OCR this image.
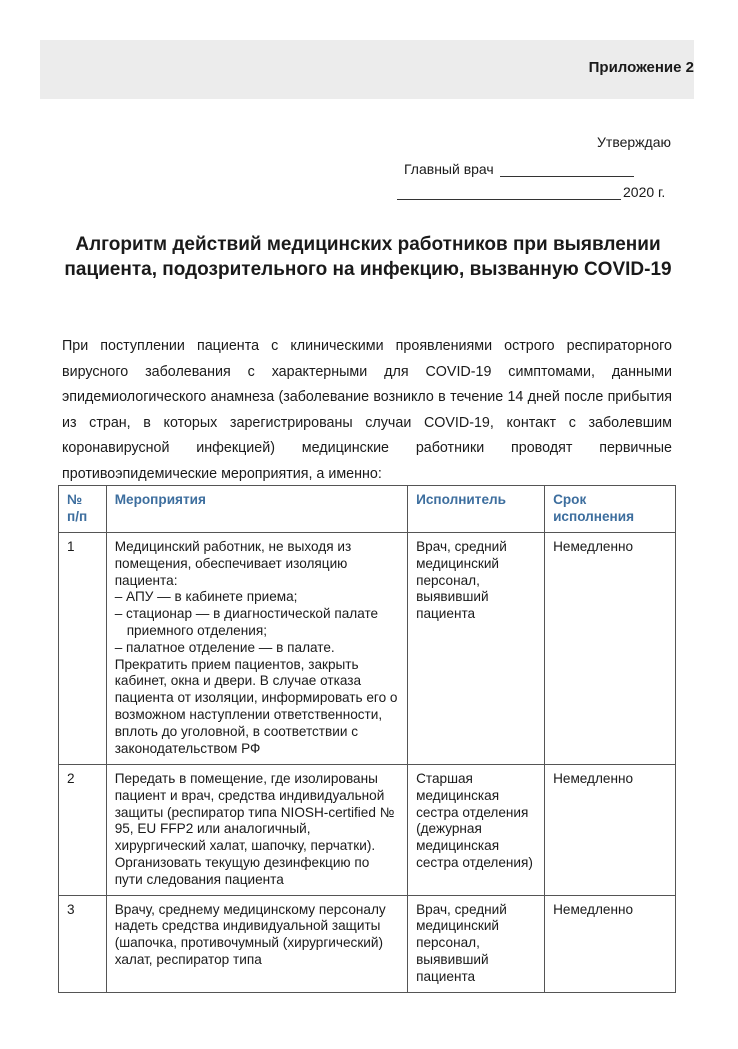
Приложение 2
Утверждаю
Главный врач
2020 г.
Алгоритм действий медицинских работников при выявлении пациента, подозрительного на инфекцию, вызванную COVID-19
При поступлении пациента с клиническими проявлениями острого респираторного вирусного заболевания с характерными для COVID-19 симптомами, данными эпидемиологического анамнеза (заболевание возникло в течение 14 дней после прибытия из стран, в которых зарегистрированы случаи COVID-19, контакт с заболевшим коронавирусной инфекцией) медицинские работники проводят первичные противоэпидемические мероприятия, а именно:
№ п/п	Мероприятия	Исполнитель	Срок исполнения
1	Медицинский работник, не выходя из помещения, обеспечивает изоляцию пациента:
– АПУ — в кабинете приема;
– стационар — в диагностической палате приемного отделения;
– палатное отделение — в палате.
Прекратить прием пациентов, закрыть кабинет, окна и двери. В случае отказа пациента от изоляции, информировать его о возможном наступлении ответственности, вплоть до уголовной, в соответствии с законодательством РФ	Врач, средний медицинский персонал, выявивший пациента	Немедленно
2	Передать в помещение, где изолированы пациент и врач, средства индивидуальной защиты (респиратор типа NIOSH-certified № 95, EU FFP2 или аналогичный, хирургический халат, шапочку, перчатки). Организовать текущую дезинфекцию по пути следования пациента	Старшая медицинская сестра отделения (дежурная медицинская сестра отделения)	Немедленно
3	Врачу, среднему медицинскому персоналу надеть средства индивидуальной защиты (шапочка, противочумный (хирургический) халат, респиратор типа	Врач, средний медицинский персонал, выявивший пациента	Немедленно
